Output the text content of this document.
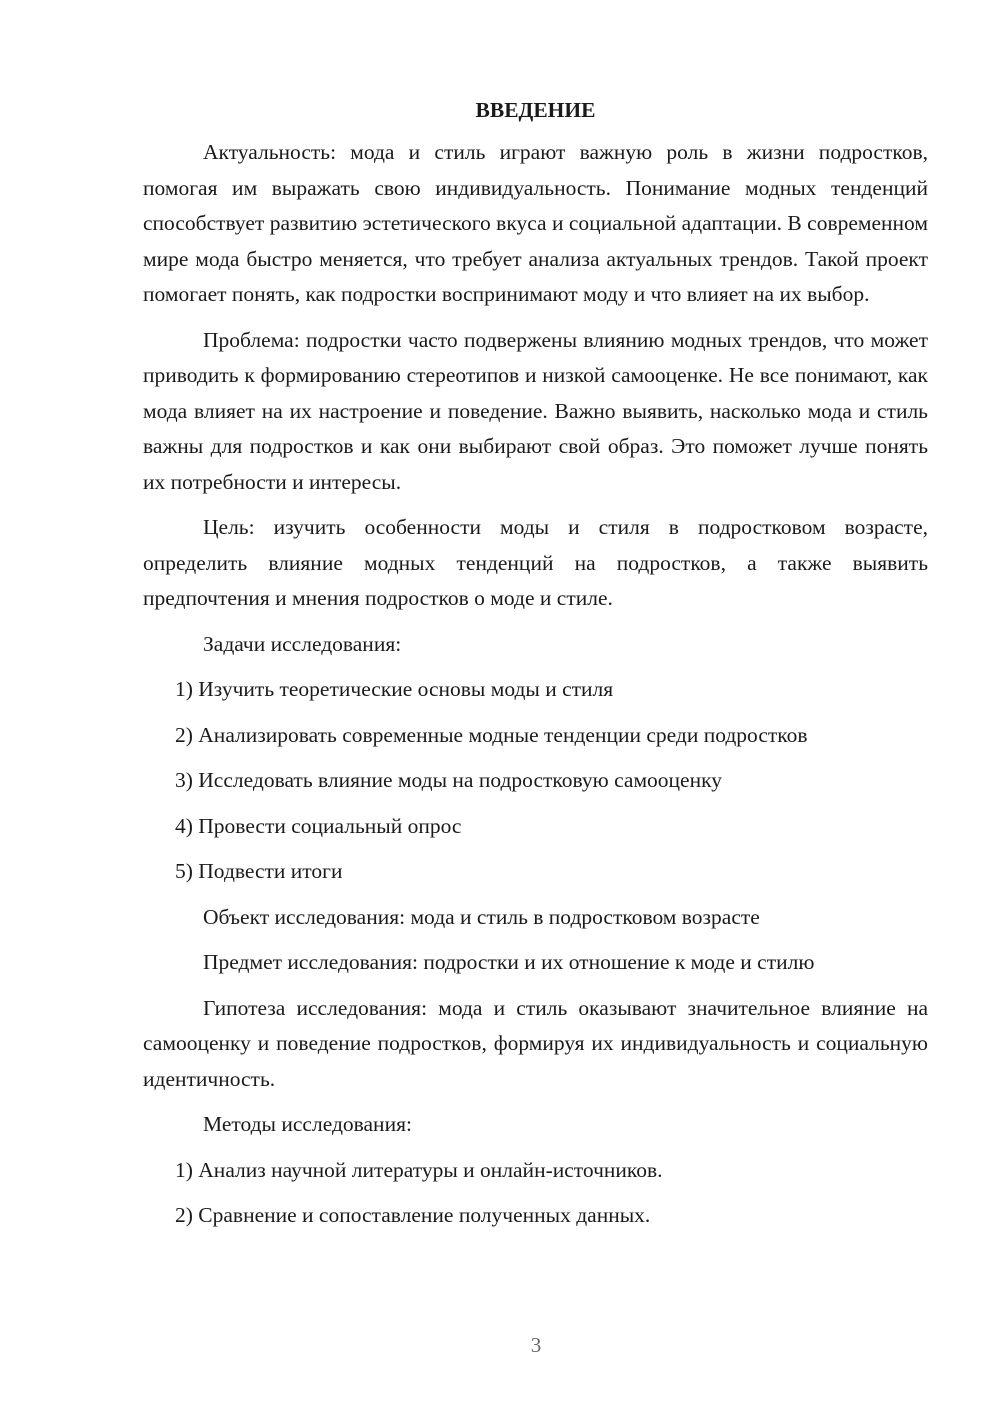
ВВЕДЕНИЕ

Актуальность: мода и стиль играют важную роль в жизни подростков, помогая им выражать свою индивидуальность. Понимание модных тенденций способствует развитию эстетического вкуса и социальной адаптации. В современном мире мода быстро меняется, что требует анализа актуальных трендов. Такой проект помогает понять, как подростки воспринимают моду и что влияет на их выбор.

Проблема: подростки часто подвержены влиянию модных трендов, что может приводить к формированию стереотипов и низкой самооценке. Не все понимают, как мода влияет на их настроение и поведение. Важно выявить, насколько мода и стиль важны для подростков и как они выбирают свой образ. Это поможет лучше понять их потребности и интересы.

Цель: изучить особенности моды и стиля в подростковом возрасте, определить влияние модных тенденций на подростков, а также выявить предпочтения и мнения подростков о моде и стиле.

Задачи исследования:
1) Изучить теоретические основы моды и стиля
2) Анализировать современные модные тенденции среди подростков
3) Исследовать влияние моды на подростковую самооценку
4) Провести социальный опрос
5) Подвести итоги
Объект исследования: мода и стиль в подростковом возрасте
Предмет исследования: подростки и их отношение к моде и стилю

Гипотеза исследования: мода и стиль оказывают значительное влияние на самооценку и поведение подростков, формируя их индивидуальность и социальную идентичность.

Методы исследования:
1) Анализ научной литературы и онлайн-источников.
2) Сравнение и сопоставление полученных данных.
3
